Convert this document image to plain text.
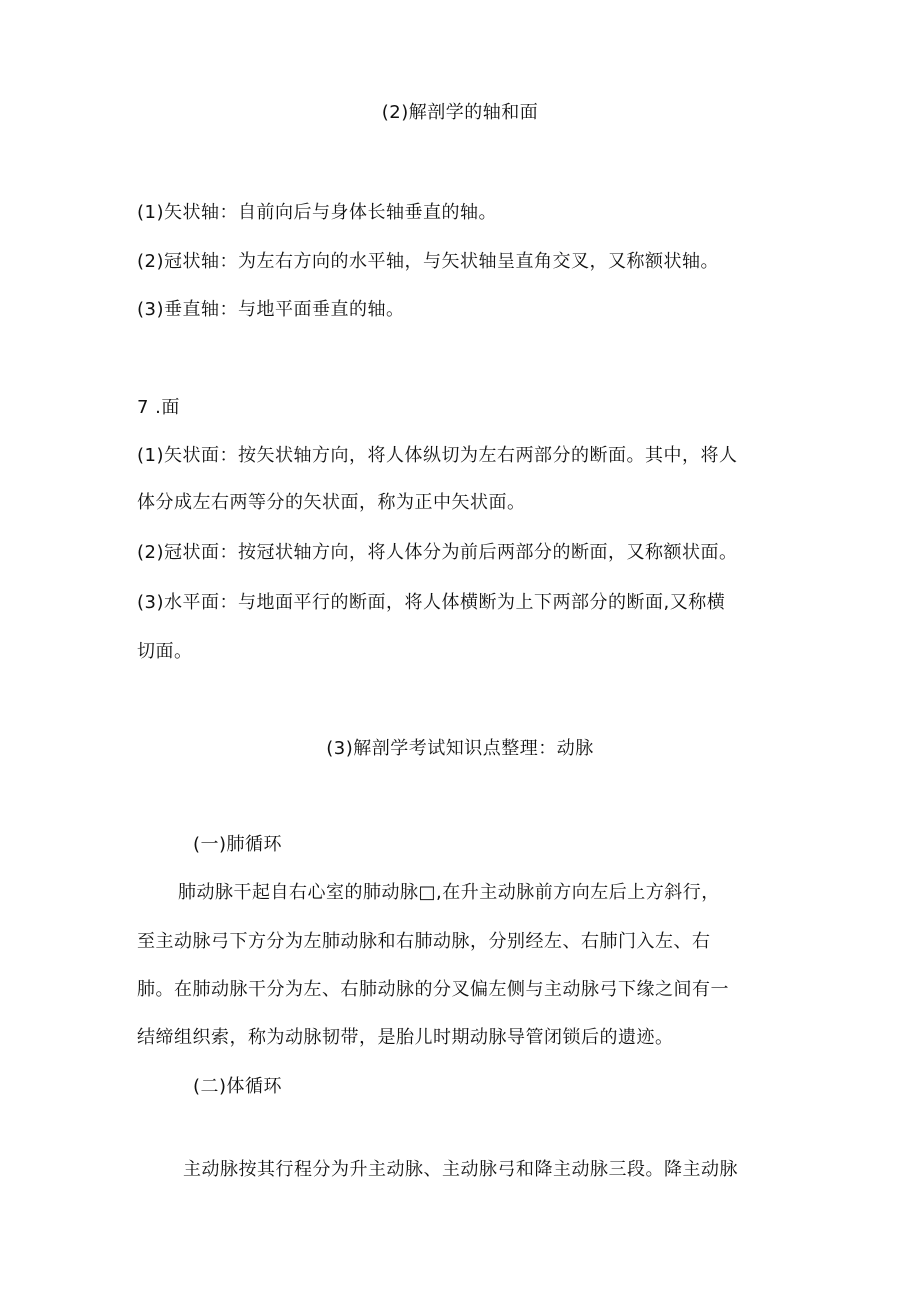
(2)解剖学的轴和面
(1)矢状轴：自前向后与身体长轴垂直的轴。
(2)冠状轴：为左右方向的水平轴，与矢状轴呈直角交叉，又称额状轴。
(3)垂直轴：与地平面垂直的轴。
7 .面
(1)矢状面：按矢状轴方向，将人体纵切为左右两部分的断面。其中，将人
体分成左右两等分的矢状面，称为正中矢状面。
(2)冠状面：按冠状轴方向，将人体分为前后两部分的断面，又称额状面。
(3)水平面：与地面平行的断面，将人体横断为上下两部分的断面,又称横
切面。
(3)解剖学考试知识点整理：动脉
(一)肺循环
肺动脉干起自右心室的肺动脉□,在升主动脉前方向左后上方斜行，
至主动脉弓下方分为左肺动脉和右肺动脉，分别经左、右肺门入左、右
肺。在肺动脉干分为左、右肺动脉的分叉偏左侧与主动脉弓下缘之间有一
结缔组织索，称为动脉韧带，是胎儿时期动脉导管闭锁后的遗迹。
(二)体循环
主动脉按其行程分为升主动脉、主动脉弓和降主动脉三段。降主动脉
